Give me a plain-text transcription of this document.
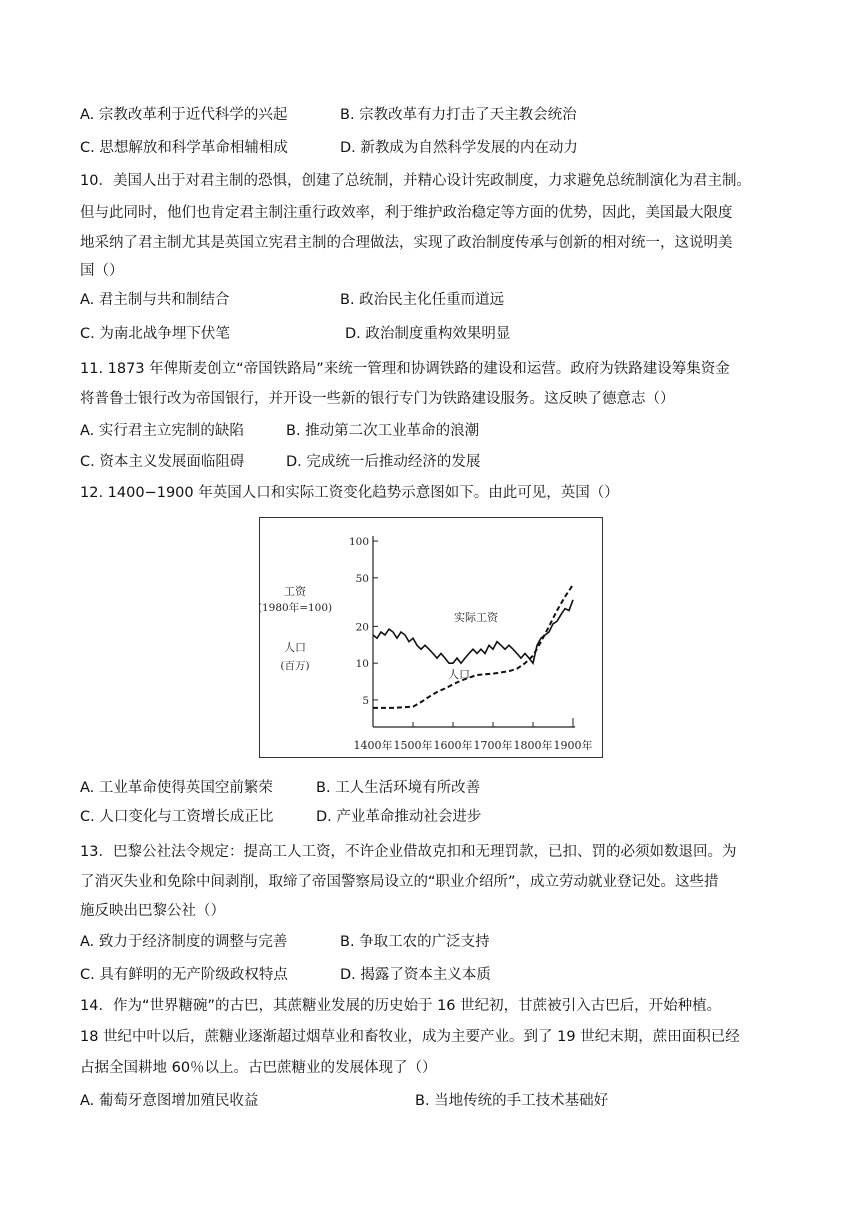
A. 宗教改革利于近代科学的兴起	B. 宗教改革有力打击了天主教会统治
C. 思想解放和科学革命相辅相成	D. 新教成为自然科学发展的内在动力
10．美国人出于对君主制的恐惧，创建了总统制，并精心设计宪政制度，力求避免总统制演化为君主制。
但与此同时，他们也肯定君主制注重行政效率，利于维护政治稳定等方面的优势，因此，美国最大限度
地采纳了君主制尤其是英国立宪君主制的合理做法，实现了政治制度传承与创新的相对统一，这说明美
国（）
A. 君主制与共和制结合	B. 政治民主化任重而道远
C. 为南北战争埋下伏笔	D. 政治制度重构效果明显
11. 1873 年俾斯麦创立“帝国铁路局”来统一管理和协调铁路的建设和运营。政府为铁路建设筹集资金
将普鲁士银行改为帝国银行，并开设一些新的银行专门为铁路建设服务。这反映了德意志（）
A. 实行君主立宪制的缺陷	B. 推动第二次工业革命的浪潮
C. 资本主义发展面临阻碍	D. 完成统一后推动经济的发展
12. 1400−1900 年英国人口和实际工资变化趋势示意图如下。由此可见，英国（）
5
10
20
50
100
1400年 1500年 1600年 1700年 1800年 1900年
工资
(1980年=100)
人口
(百万)
实际工资
人口
A. 工业革命使得英国空前繁荣	B. 工人生活环境有所改善
C. 人口变化与工资增长成正比	D. 产业革命推动社会进步
13．巴黎公社法令规定：提高工人工资，不许企业借故克扣和无理罚款，已扣、罚的必须如数退回。为
了消灭失业和免除中间剥削，取缔了帝国警察局设立的“职业介绍所”，成立劳动就业登记处。这些措
施反映出巴黎公社（）
A. 致力于经济制度的调整与完善	B. 争取工农的广泛支持
C. 具有鲜明的无产阶级政权特点	D. 揭露了资本主义本质
14．作为“世界糖碗”的古巴，其蔗糖业发展的历史始于 16 世纪初，甘蔗被引入古巴后，开始种植。
18 世纪中叶以后，蔗糖业逐渐超过烟草业和畜牧业，成为主要产业。到了 19 世纪末期，蔗田面积已经
占据全国耕地 60％以上。古巴蔗糖业的发展体现了（）
A. 葡萄牙意图增加殖民收益	B. 当地传统的手工技术基础好
